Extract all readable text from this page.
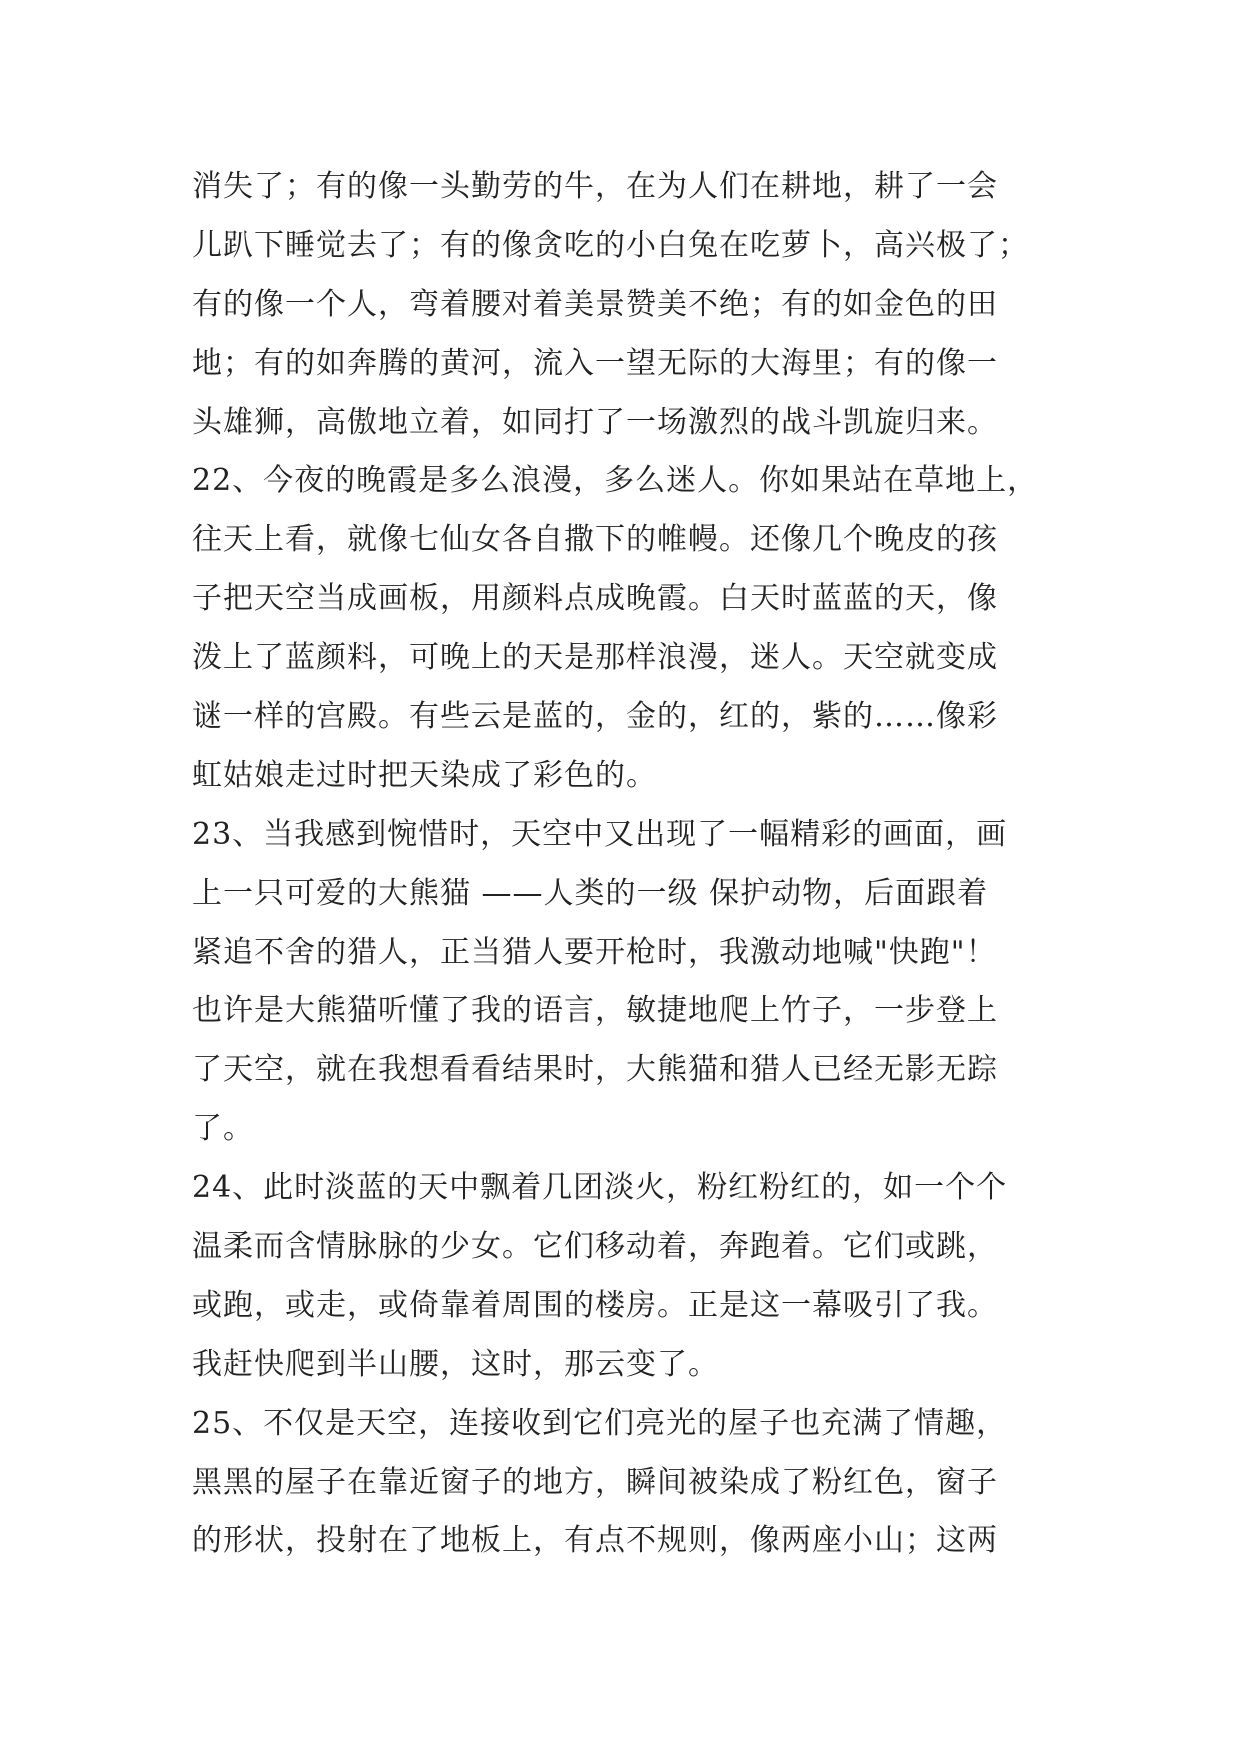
消失了；有的像一头勤劳的牛，在为人们在耕地，耕了一会
儿趴下睡觉去了；有的像贪吃的小白兔在吃萝卜，高兴极了；
有的像一个人，弯着腰对着美景赞美不绝；有的如金色的田
地；有的如奔腾的黄河，流入一望无际的大海里；有的像一
头雄狮，高傲地立着，如同打了一场激烈的战斗凯旋归来。
22、今夜的晚霞是多么浪漫，多么迷人。你如果站在草地上，
往天上看，就像七仙女各自撒下的帷幔。还像几个晚皮的孩
子把天空当成画板，用颜料点成晚霞。白天时蓝蓝的天，像
泼上了蓝颜料，可晚上的天是那样浪漫，迷人。天空就变成
谜一样的宫殿。有些云是蓝的，金的，红的，紫的……像彩
虹姑娘走过时把天染成了彩色的。
23、当我感到惋惜时，天空中又出现了一幅精彩的画面，画
上一只可爱的大熊猫 ——人类的一级 保护动物，后面跟着
紧追不舍的猎人，正当猎人要开枪时，我激动地喊"快跑"！
也许是大熊猫听懂了我的语言，敏捷地爬上竹子，一步登上
了天空，就在我想看看结果时，大熊猫和猎人已经无影无踪
了。
24、此时淡蓝的天中飘着几团淡火，粉红粉红的，如一个个
温柔而含情脉脉的少女。它们移动着，奔跑着。它们或跳，
或跑，或走，或倚靠着周围的楼房。正是这一幕吸引了我。
我赶快爬到半山腰，这时，那云变了。
25、不仅是天空，连接收到它们亮光的屋子也充满了情趣，
黑黑的屋子在靠近窗子的地方，瞬间被染成了粉红色，窗子
的形状，投射在了地板上，有点不规则，像两座小山；这两
